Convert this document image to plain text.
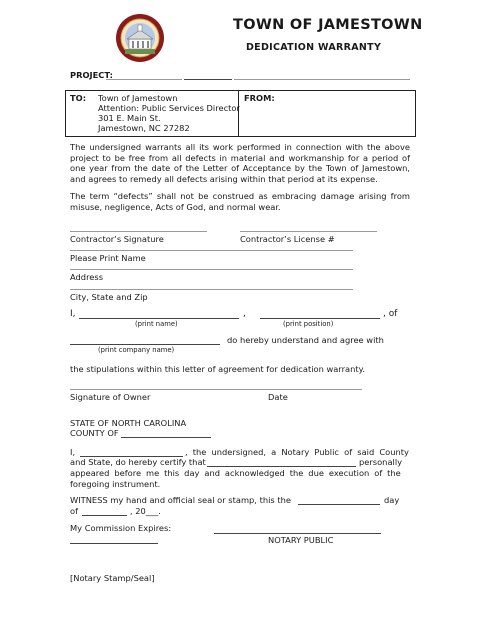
TOWN OF JAMESTOWN
DEDICATION WARRANTY
PROJECT:
TO: Town of Jamestown
Attention: Public Services Director
301 E. Main St.
Jamestown, NC 27282
FROM:
The undersigned warrants all its work performed in connection with the above project to be free from all defects in material and workmanship for a period of one year from the date of the Letter of Acceptance by the Town of Jamestown, and agrees to remedy all defects arising within that period at its expense.
The term “defects” shall not be construed as embracing damage arising from misuse, negligence, Acts of God, and normal wear.
Contractor’s Signature	Contractor’s License #
Please Print Name
Address
City, State and Zip
I,	,	, of
(print name)	(print position)
do hereby understand and agree with
(print company name)
the stipulations within this letter of agreement for dedication warranty.
Signature of Owner	Date
STATE OF NORTH CAROLINA
COUNTY OF
I,	, the undersigned, a Notary Public of said County
and State, do hereby certify that	personally
appeared before me this day and acknowledged the due execution of the
foregoing instrument.
WITNESS my hand and official seal or stamp, this the	day
of	, 20___.
My Commission Expires:
NOTARY PUBLIC
[Notary Stamp/Seal]
